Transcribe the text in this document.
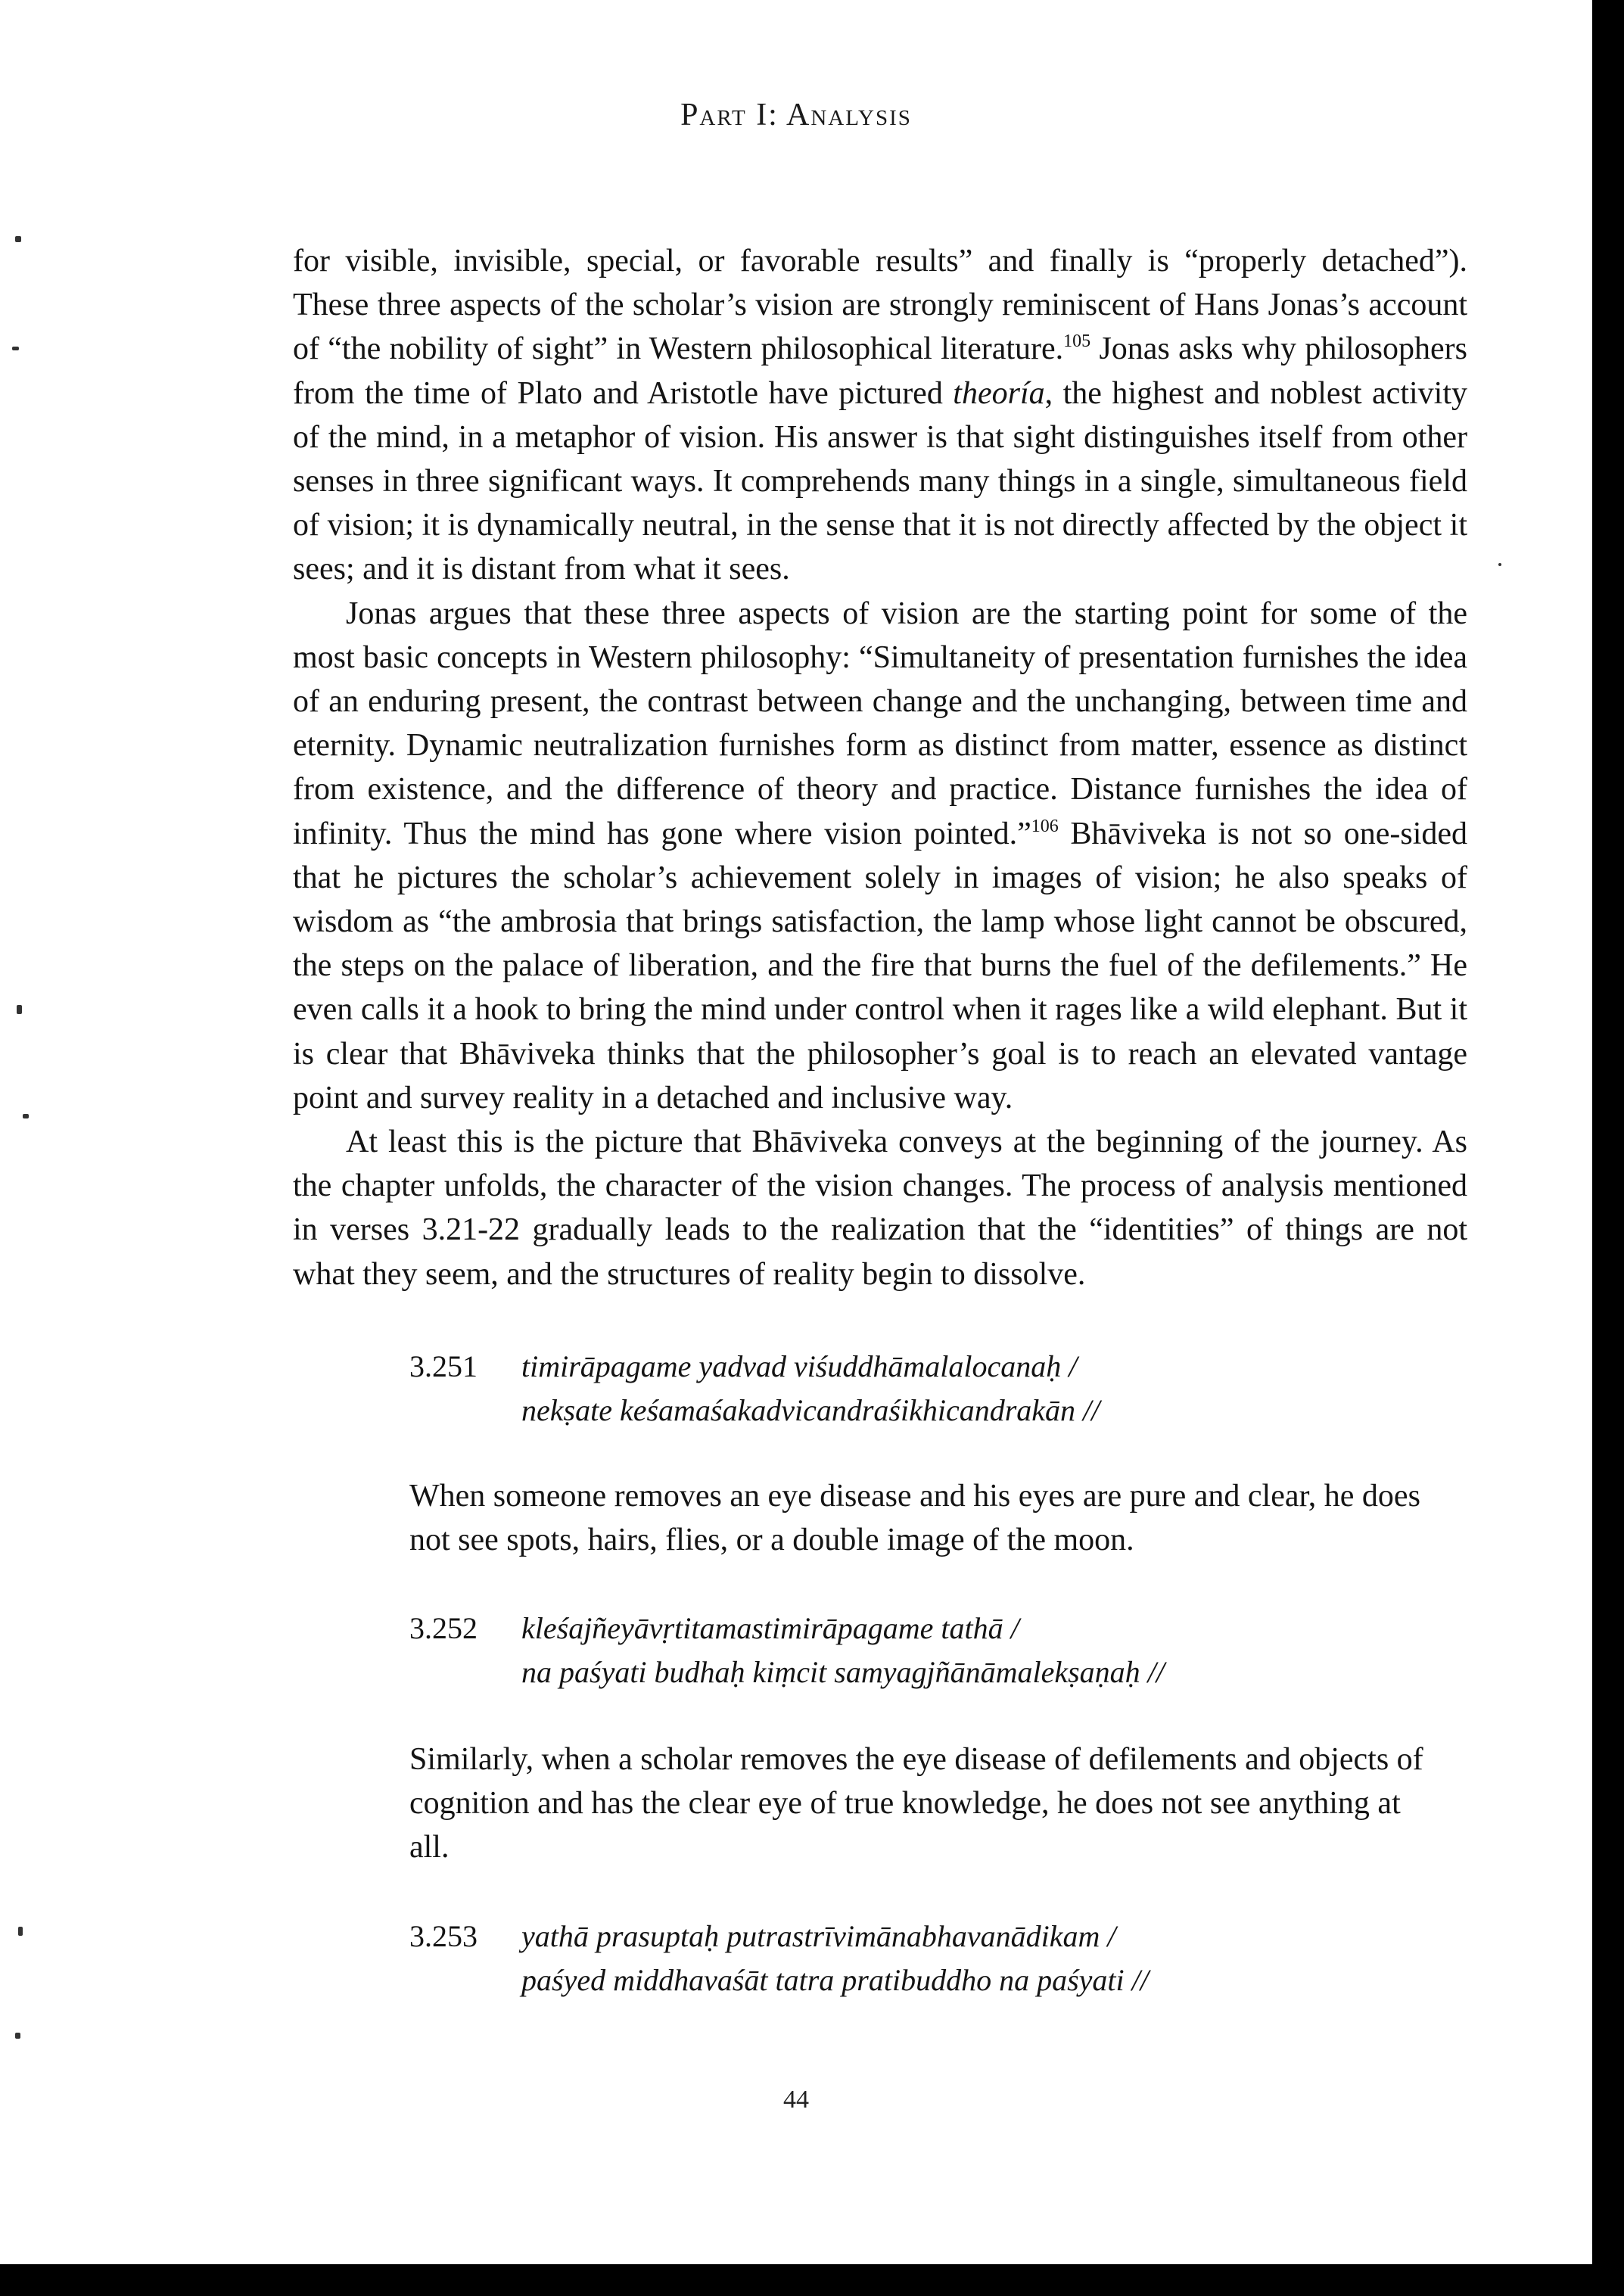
Part I: Analysis

for visible, invisible, special, or favorable results” and finally is “properly detached”). These three aspects of the scholar’s vision are strongly reminiscent of Hans Jonas’s account of “the nobility of sight” in Western philosophical literature.$^{105}$ Jonas asks why philosophers from the time of Plato and Aristotle have pictured theoría, the highest and noblest activity of the mind, in a metaphor of vision. His answer is that sight distinguishes itself from other senses in three significant ways. It comprehends many things in a single, simultaneous field of vision; it is dynamically neutral, in the sense that it is not directly affected by the object it sees; and it is distant from what it sees.

Jonas argues that these three aspects of vision are the starting point for some of the most basic concepts in Western philosophy: “Simultaneity of presentation furnishes the idea of an enduring present, the contrast between change and the unchanging, between time and eternity. Dynamic neutralization furnishes form as distinct from matter, essence as distinct from existence, and the difference of theory and practice. Distance furnishes the idea of infinity. Thus the mind has gone where vision pointed.”$^{106}$ Bhāviveka is not so one-sided that he pictures the scholar’s achievement solely in images of vision; he also speaks of wisdom as “the ambrosia that brings satisfaction, the lamp whose light cannot be obscured, the steps on the palace of liberation, and the fire that burns the fuel of the defilements.” He even calls it a hook to bring the mind under control when it rages like a wild elephant. But it is clear that Bhāviveka thinks that the philosopher’s goal is to reach an elevated vantage point and survey reality in a detached and inclusive way.

At least this is the picture that Bhāviveka conveys at the beginning of the journey. As the chapter unfolds, the character of the vision changes. The process of analysis mentioned in verses 3.21-22 gradually leads to the realization that the “identities” of things are not what they seem, and the structures of reality begin to dissolve.

3.251 timirāpagame yadvad viśuddhāmalalocanaḥ /
nekṣate keśamaśakadvicandraśikhicandrakān //

When someone removes an eye disease and his eyes are pure and clear, he does not see spots, hairs, flies, or a double image of the moon.

3.252 kleśajñeyāvṛtitamastimirāpagame tathā /
na paśyati budhaḥ kiṃcit samyagjñānāmalekṣaṇaḥ //

Similarly, when a scholar removes the eye disease of defilements and objects of cognition and has the clear eye of true knowledge, he does not see anything at all.

3.253 yathā prasuptaḥ putrastrīvimānabhavanādikam /
paśyed middhavaśāt tatra pratibuddho na paśyati //
44
